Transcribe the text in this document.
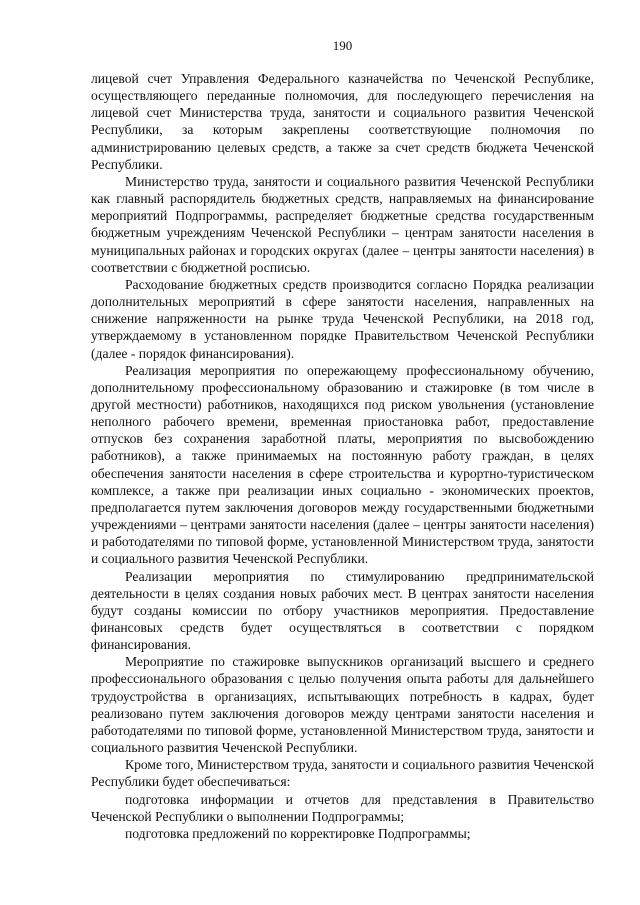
190

лицевой счет Управления Федерального казначейства по Чеченской Республике, осуществляющего переданные полномочия, для последующего перечисления на лицевой счет Министерства труда, занятости и социального развития Чеченской Республики, за которым закреплены соответствующие полномочия по администрированию целевых средств, а также за счет средств бюджета Чеченской Республики.

Министерство труда, занятости и социального развития Чеченской Республики как главный распорядитель бюджетных средств, направляемых на финансирование мероприятий Подпрограммы, распределяет бюджетные средства государственным бюджетным учреждениям Чеченской Республики – центрам занятости населения в муниципальных районах и городских округах (далее – центры занятости населения) в соответствии с бюджетной росписью.

Расходование бюджетных средств производится согласно Порядка реализации дополнительных мероприятий в сфере занятости населения, направленных на снижение напряженности на рынке труда Чеченской Республики, на 2018 год, утверждаемому в установленном порядке Правительством Чеченской Республики (далее - порядок финансирования).

Реализация мероприятия по опережающему профессиональному обучению, дополнительному профессиональному образованию и стажировке (в том числе в другой местности) работников, находящихся под риском увольнения (установление неполного рабочего времени, временная приостановка работ, предоставление отпусков без сохранения заработной платы, мероприятия по высвобождению работников), а также принимаемых на постоянную работу граждан, в целях обеспечения занятости населения в сфере строительства и курортно-туристическом комплексе, а также при реализации иных социально - экономических проектов, предполагается путем заключения договоров между государственными бюджетными учреждениями – центрами занятости населения (далее – центры занятости населения) и работодателями по типовой форме, установленной Министерством труда, занятости и социального развития Чеченской Республики.

Реализации мероприятия по стимулированию предпринимательской деятельности в целях создания новых рабочих мест. В центрах занятости населения будут созданы комиссии по отбору участников мероприятия. Предоставление финансовых средств будет осуществляться в соответствии с порядком финансирования.

Мероприятие по стажировке выпускников организаций высшего и среднего профессионального образования с целью получения опыта работы для дальнейшего трудоустройства в организациях, испытывающих потребность в кадрах, будет реализовано путем заключения договоров между центрами занятости населения и работодателями по типовой форме, установленной Министерством труда, занятости и социального развития Чеченской Республики.

Кроме того, Министерством труда, занятости и социального развития Чеченской Республики будет обеспечиваться:

подготовка информации и отчетов для представления в Правительство Чеченской Республики о выполнении Подпрограммы;

подготовка предложений по корректировке Подпрограммы;
